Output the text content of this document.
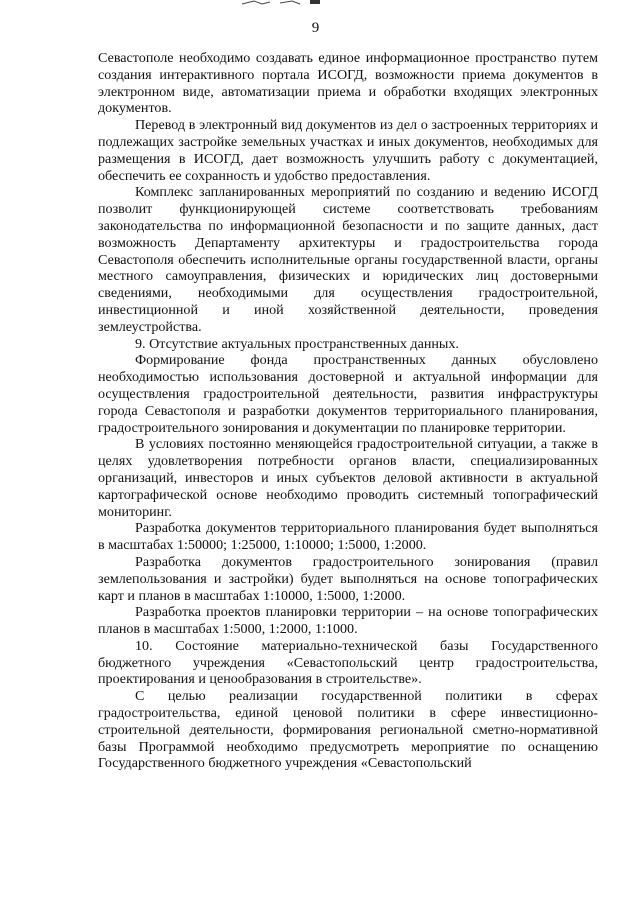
9

Севастополе необходимо создавать единое информационное пространство путем создания интерактивного портала ИСОГД, возможности приема документов в электронном виде, автоматизации приема и обработки входящих электронных документов.

Перевод в электронный вид документов из дел о застроенных территориях и подлежащих застройке земельных участках и иных документов, необходимых для размещения в ИСОГД, дает возможность улучшить работу с документацией, обеспечить ее сохранность и удобство предоставления.

Комплекс запланированных мероприятий по созданию и ведению ИСОГД позволит функционирующей системе соответствовать требованиям законодательства по информационной безопасности и по защите данных, даст возможность Департаменту архитектуры и градостроительства города Севастополя обеспечить исполнительные органы государственной власти, органы местного самоуправления, физических и юридических лиц достоверными сведениями, необходимыми для осуществления градостроительной, инвестиционной и иной хозяйственной деятельности, проведения землеустройства.

9. Отсутствие актуальных пространственных данных.

Формирование фонда пространственных данных обусловлено необходимостью использования достоверной и актуальной информации для осуществления градостроительной деятельности, развития инфраструктуры города Севастополя и разработки документов территориального планирования, градостроительного зонирования и документации по планировке территории.

В условиях постоянно меняющейся градостроительной ситуации, а также в целях удовлетворения потребности органов власти, специализированных организаций, инвесторов и иных субъектов деловой активности в актуальной картографической основе необходимо проводить системный топографический мониторинг.

Разработка документов территориального планирования будет выполняться в масштабах 1:50000; 1:25000, 1:10000; 1:5000, 1:2000.

Разработка документов градостроительного зонирования (правил землепользования и застройки) будет выполняться на основе топографических карт и планов в масштабах 1:10000, 1:5000, 1:2000.

Разработка проектов планировки территории – на основе топографических планов в масштабах 1:5000, 1:2000, 1:1000.

10. Состояние материально-технической базы Государственного бюджетного учреждения «Севастопольский центр градостроительства, проектирования и ценообразования в строительстве».

С целью реализации государственной политики в сферах градостроительства, единой ценовой политики в сфере инвестиционно-строительной деятельности, формирования региональной сметно-нормативной базы Программой необходимо предусмотреть мероприятие по оснащению Государственного бюджетного учреждения «Севастопольский
